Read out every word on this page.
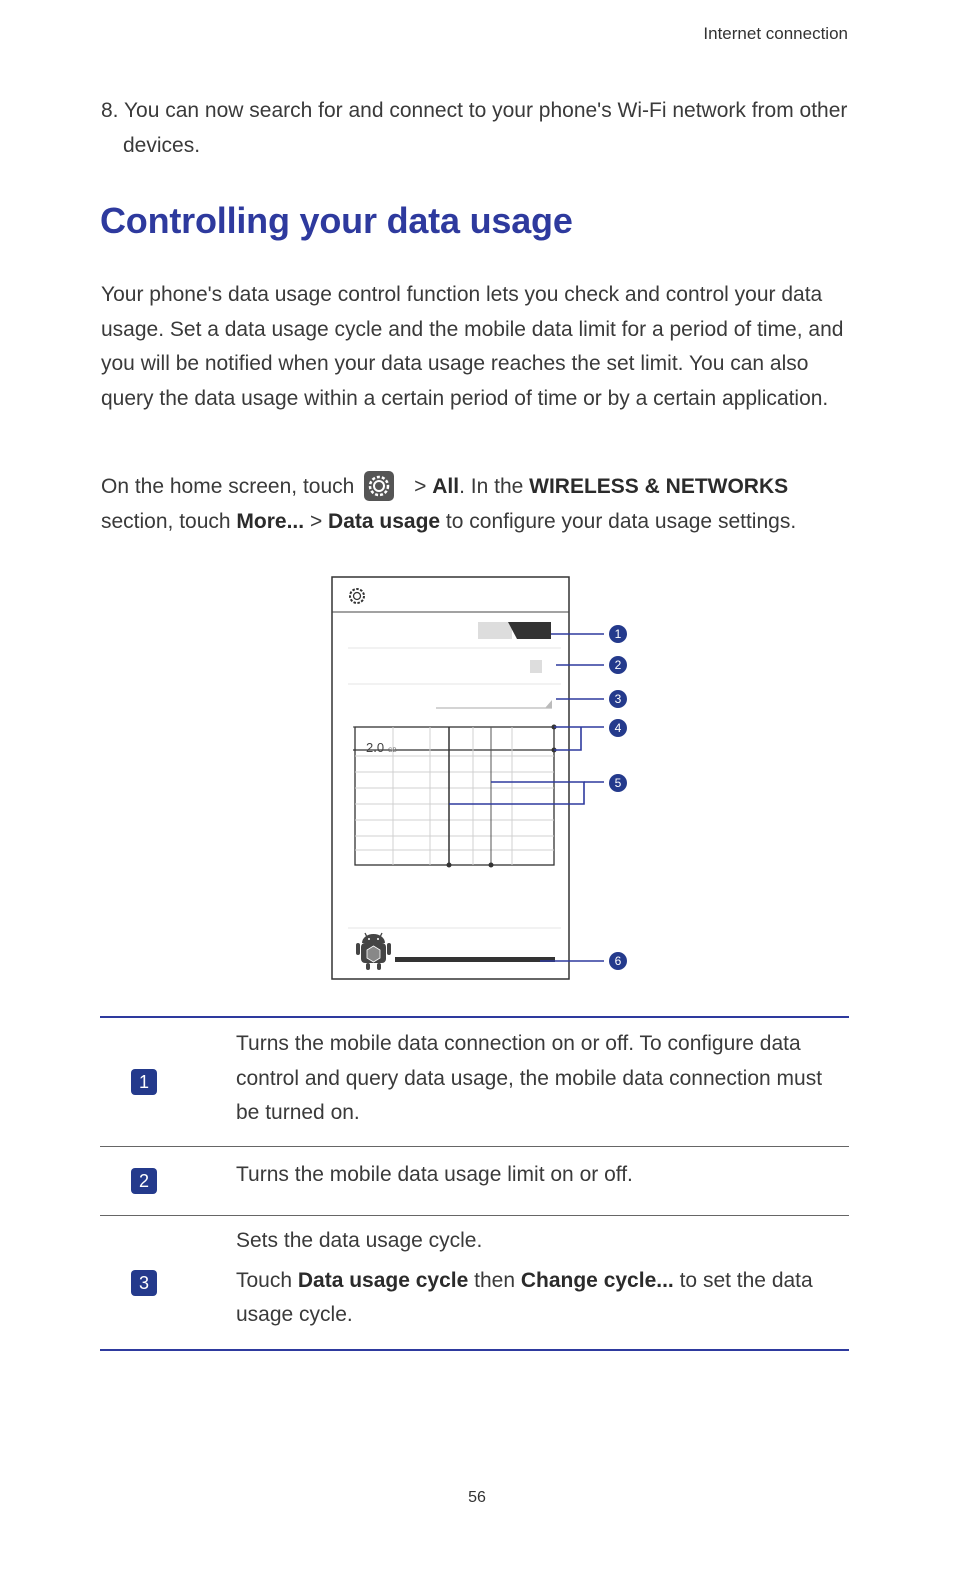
Internet connection
8. You can now search for and connect to your phone's Wi-Fi network from other devices.
Controlling your data usage

Your phone's data usage control function lets you check and control your data usage. Set a data usage cycle and the mobile data limit for a period of time, and you will be notified when your data usage reaches the set limit. You can also query the data usage within a certain period of time or by a certain application.

On the home screen, touch	> All. In the WIRELESS & NETWORKS section, touch More... > Data usage to configure your data usage settings.

2.0 GB
1
2
3
4
5
6
1
Turns the mobile data connection on or off. To configure data control and query data usage, the mobile data connection must be turned on.
2	Turns the mobile data usage limit on or off.
3

Sets the data usage cycle.

Touch Data usage cycle then Change cycle... to set the data usage cycle.

56
